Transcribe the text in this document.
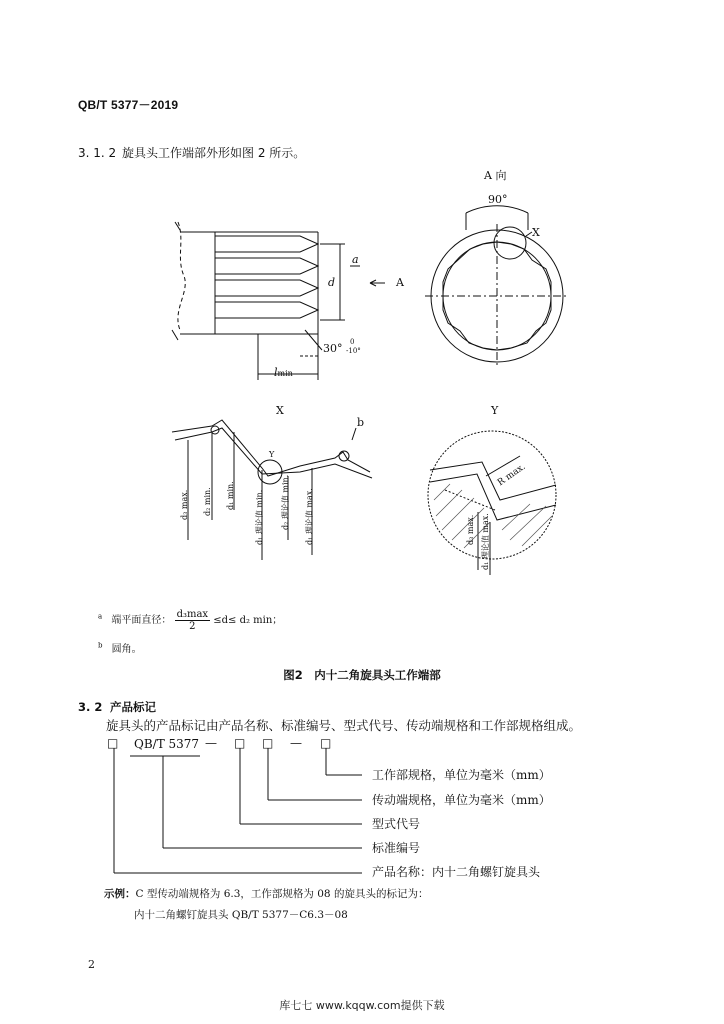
QB/T 5377－2019
3. 1. 2 旋具头工作端部外形如图 2 所示。
A 向
90°
X
A
a
d
30° 0
-10°
lmin
X	Y
Y
b
d₃ max. d₂ min. d₁ min.	d₁ 理论值 min. d₂ 理论值 min. d₁ 理论值 max.
R max.
d₃ max. d₁ 理论值 max.
$^a$ 端平面直径： $\frac{\text{d₃max}}{2} \le d\le d_2$ min；
$^b$ 圆角。
图2　内十二角旋具头工作端部
3. 2 产品标记
旋具头的产品标记由产品名称、标准编号、型式代号、传动端规格和工作部规格组成。
□ QB/T 5377 — □ □ — □
工作部规格，单位为毫米（mm）
传动端规格，单位为毫米（mm）
型式代号
标准编号
产品名称：内十二角螺钉旋具头
示例：C 型传动端规格为 6.3，工作部规格为 08 的旋具头的标记为：
内十二角螺钉旋具头 QB/T 5377－C6.3－08
2
库七七 www.kqqw.com提供下载
